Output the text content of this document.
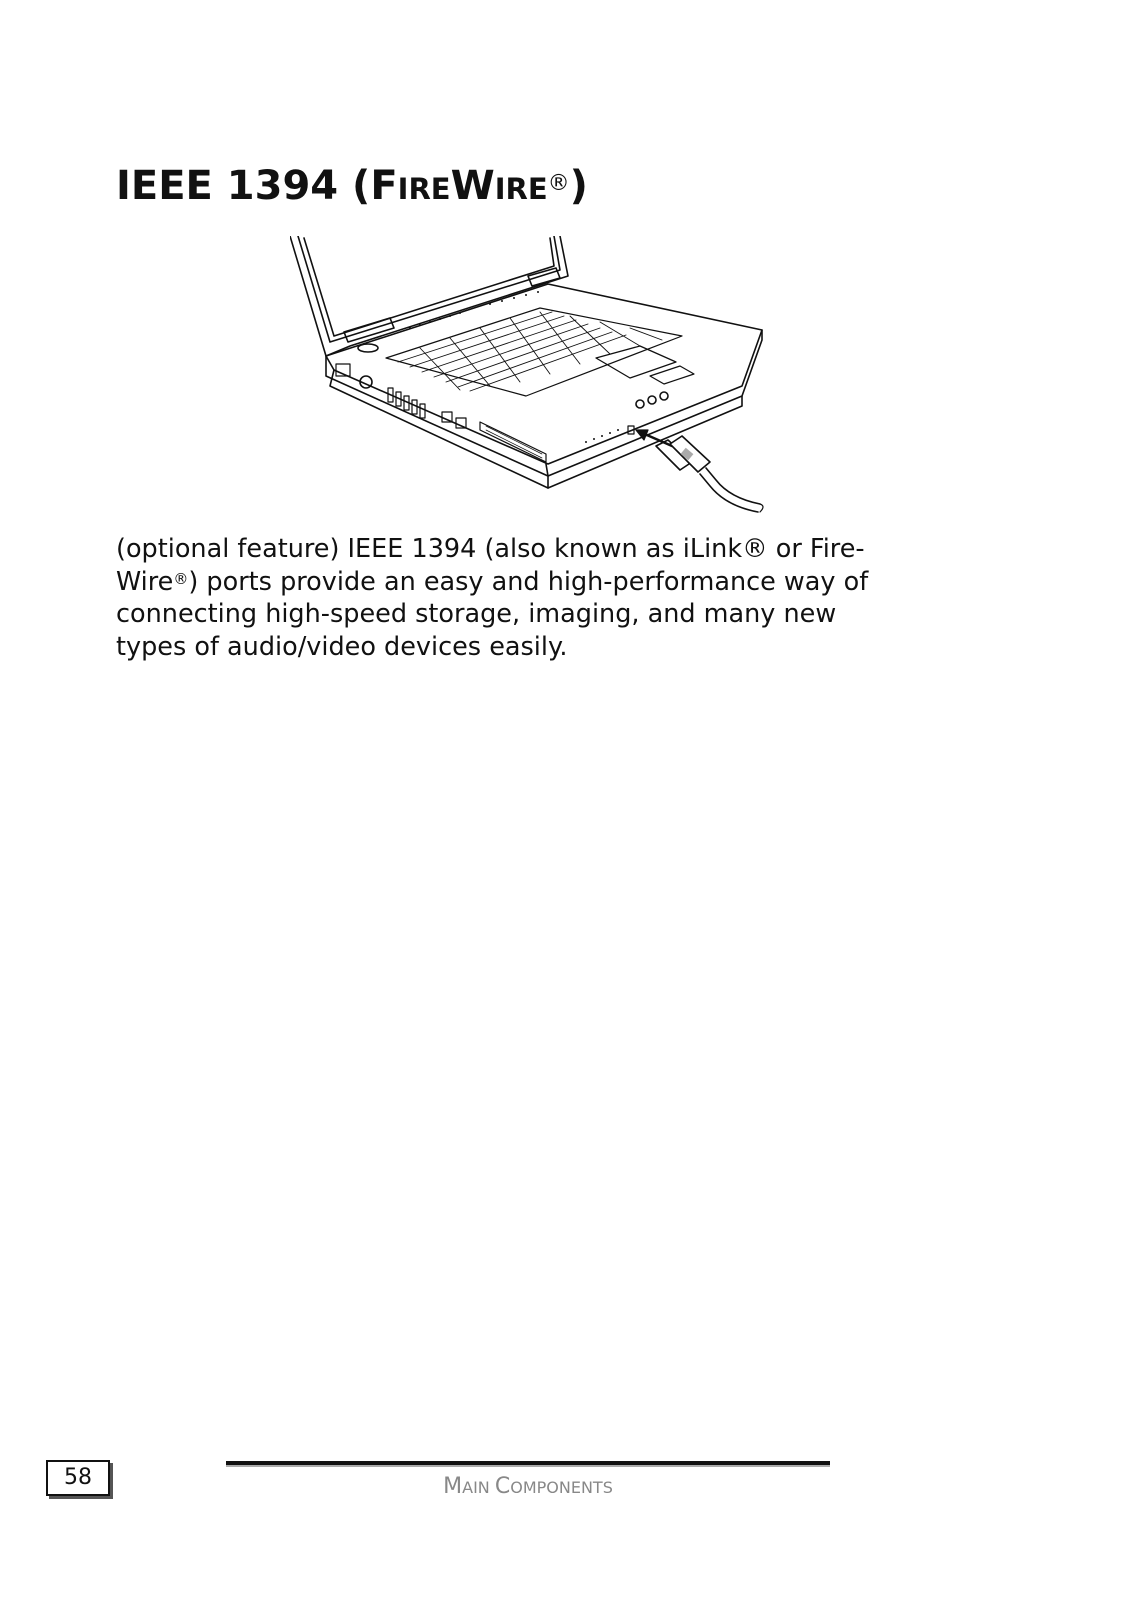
IEEE 1394 (FIREWIRE®)

(optional feature) IEEE 1394 (also known as iLink® or Fire-
Wire®) ports provide an easy and high-performance way of
connecting high-speed storage, imaging, and many new
types of audio/video devices easily.

58	MAIN COMPONENTS
